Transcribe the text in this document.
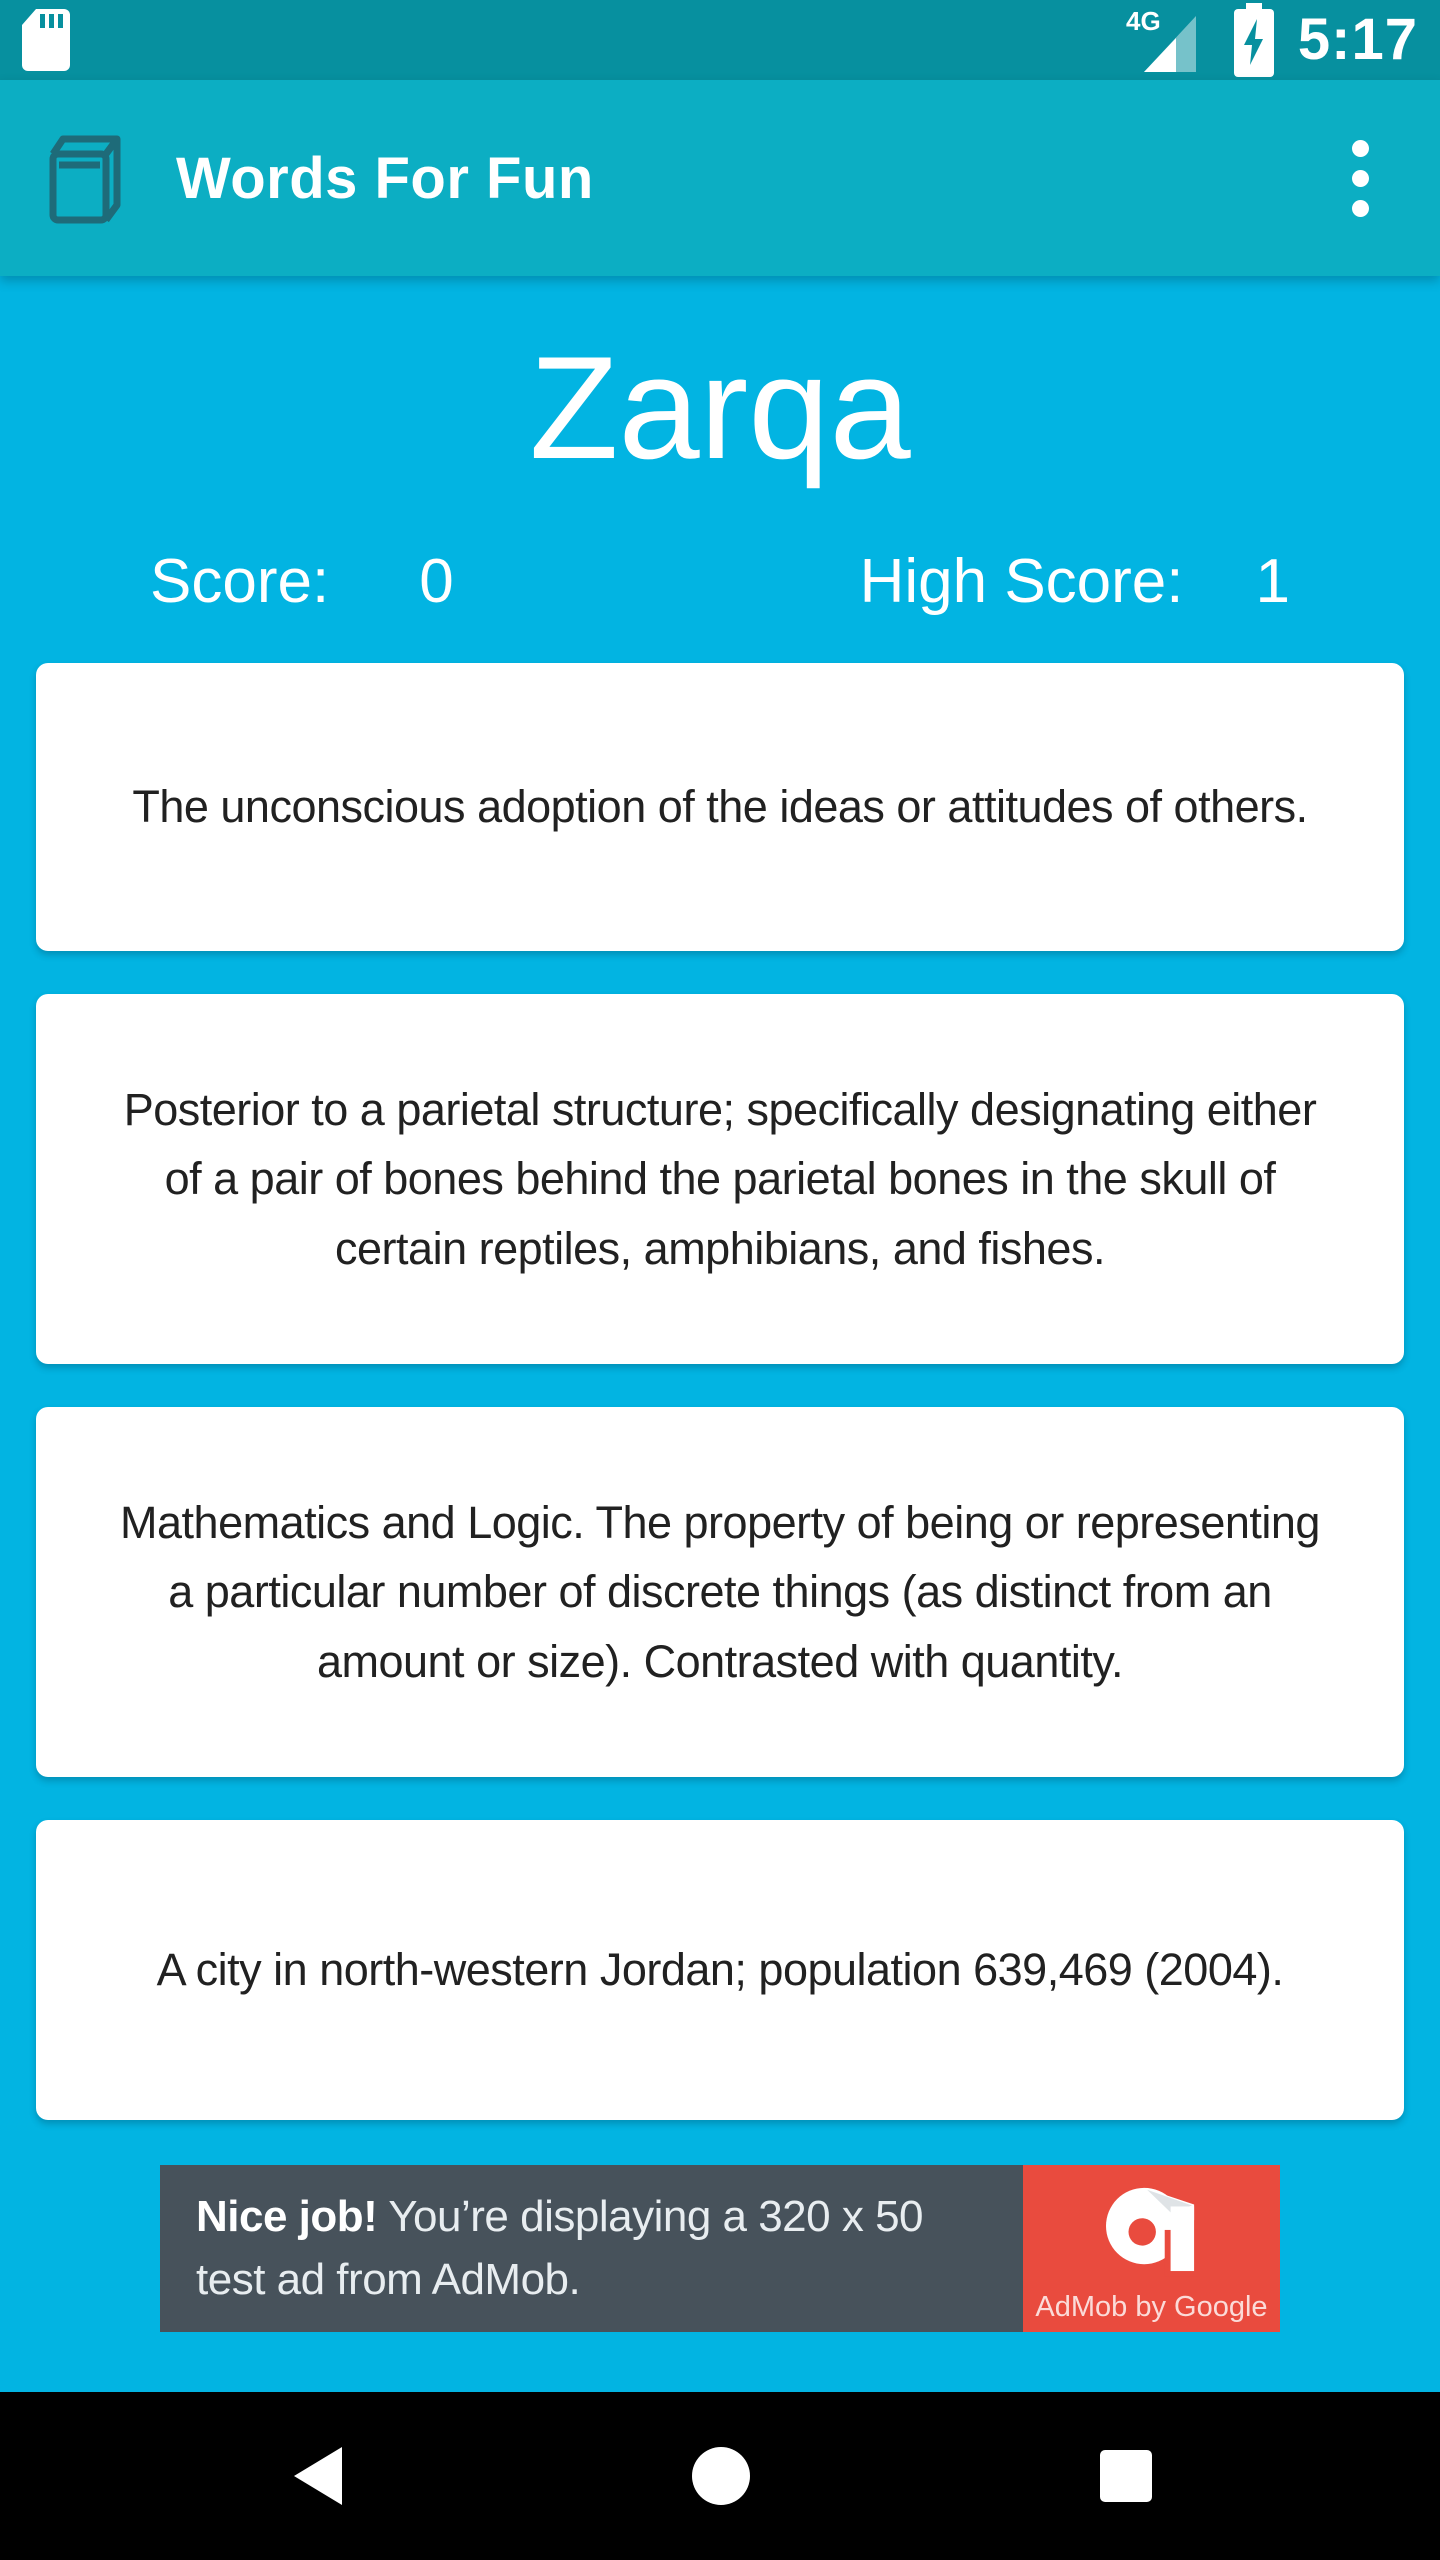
4G 5:17
Words For Fun
Zarqa
Score: 0	High Score: 1
The unconscious adoption of the ideas or attitudes of others.
Posterior to a parietal structure; specifically designating either of a pair of bones behind the parietal bones in the skull of certain reptiles, amphibians, and fishes.
Mathematics and Logic. The property of being or representing a particular number of discrete things (as distinct from an amount or size). Contrasted with quantity.
A city in north-western Jordan; population 639,469 (2004).
Nice job! You’re displaying a 320 x 50 test ad from AdMob.
AdMob by Google
